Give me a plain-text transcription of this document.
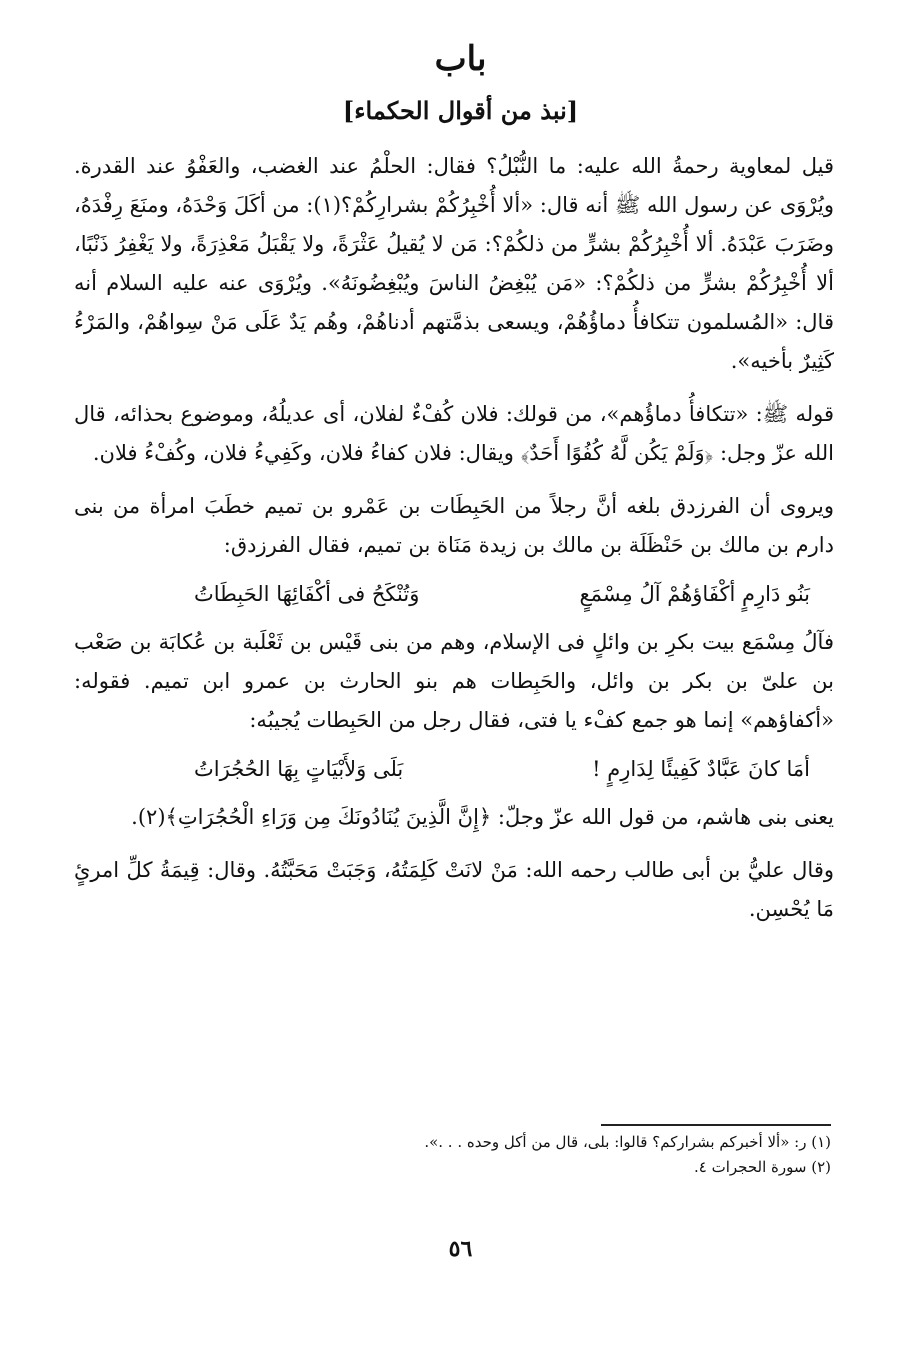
باب
[نبذ من أقوال الحكماء]

قيل لمعاوية رحمةُ الله عليه: ما النُّبْلُ؟ فقال: الحلْمُ عند الغضب، والعَفْوُ عند القدرة. ويُرْوَى عن رسول الله ﷺ أنه قال: «ألا أُخْبِرُكُمْ بشرارِكُمْ؟(١): من أكَلَ وَحْدَهُ، ومنَعَ رِفْدَهُ، وضَرَبَ عَبْدَهُ. ألا أُخْبِرُكُمْ بشرٍّ من ذلكُمْ؟: مَن لا يُقيلُ عَثْرَةً، ولا يَقْبَلُ مَعْذِرَةً، ولا يَغْفِرُ ذَنْبًا، ألا أُخْبِرُكُمْ بشرٍّ من ذلكُمْ؟: «مَن يُبْغِضُ الناسَ ويُبْغِضُونَهُ». ويُرْوَى عنه عليه السلام أنه قال: «المُسلمون تتكافأُ دماؤُهُمْ، ويسعى بذمَّتهم أدناهُمْ، وهُم يَدٌ عَلَى مَنْ سِواهُمْ، والمَرْءُ كَثِيرٌ بأخيه».

قوله ﷺ: «تتكافأُ دماؤُهم»، من قولك: فلان كُفْءٌ لفلان، أى عديلُهُ، وموضوع بحذائه، قال الله عزّ وجل: ﴿وَلَمْ يَكُن لَّهُ كُفُوًا أَحَدٌ﴾ ويقال: فلان كفاءُ فلان، وكَفِيءُ فلان، وكُفْءُ فلان.

ويروى أن الفرزدق بلغه أنَّ رجلاً من الحَبِطَات بن عَمْرو بن تميم خطَبَ امرأة من بنى دارم بن مالك بن حَنْظَلَة بن مالك بن زيدة مَنَاة بن تميم، فقال الفرزدق:

بَنُو دَارِمٍ أكْفَاؤهُمْ آلُ مِسْمَعٍ
وَتُنْكَحُ فى أكْفَائِهَا الحَبِطَاتُ

فآلُ مِسْمَع بيت بكرِ بن وائلٍ فى الإسلام، وهم من بنى قَيْس بن ثَعْلَبة بن عُكابَة بن صَعْب بن علىّ بن بكر بن وائل، والحَبِطات هم بنو الحارث بن عمرو ابن تميم. فقوله: «أكفاؤهم» إنما هو جمع كفْء يا فتى، فقال رجل من الحَبِطات يُجيبُه:

أمَا كانَ عَبَّادٌ كَفِيئًا لِدَارِمٍ !
بَلَى وَلأَبْيَاتٍ بِهَا الحُجُرَاتُ

يعنى بنى هاشم، من قول الله عزّ وجلّ: ﴿إِنَّ الَّذِينَ يُنَادُونَكَ مِن وَرَاءِ الْحُجُرَاتِ﴾(٢).

وقال عليُّ بن أبى طالب رحمه الله: مَنْ لانَتْ كَلِمَتُهُ، وَجَبَتْ مَحَبَّتُهُ. وقال: قِيمَةُ كلِّ امرئٍ مَا يُحْسِن.

(١) ر: «ألا أخبركم بشراركم؟ قالوا: بلى، قال من أكل وحده . . .».

(٢) سورة الحجرات ٤.

٥٦
